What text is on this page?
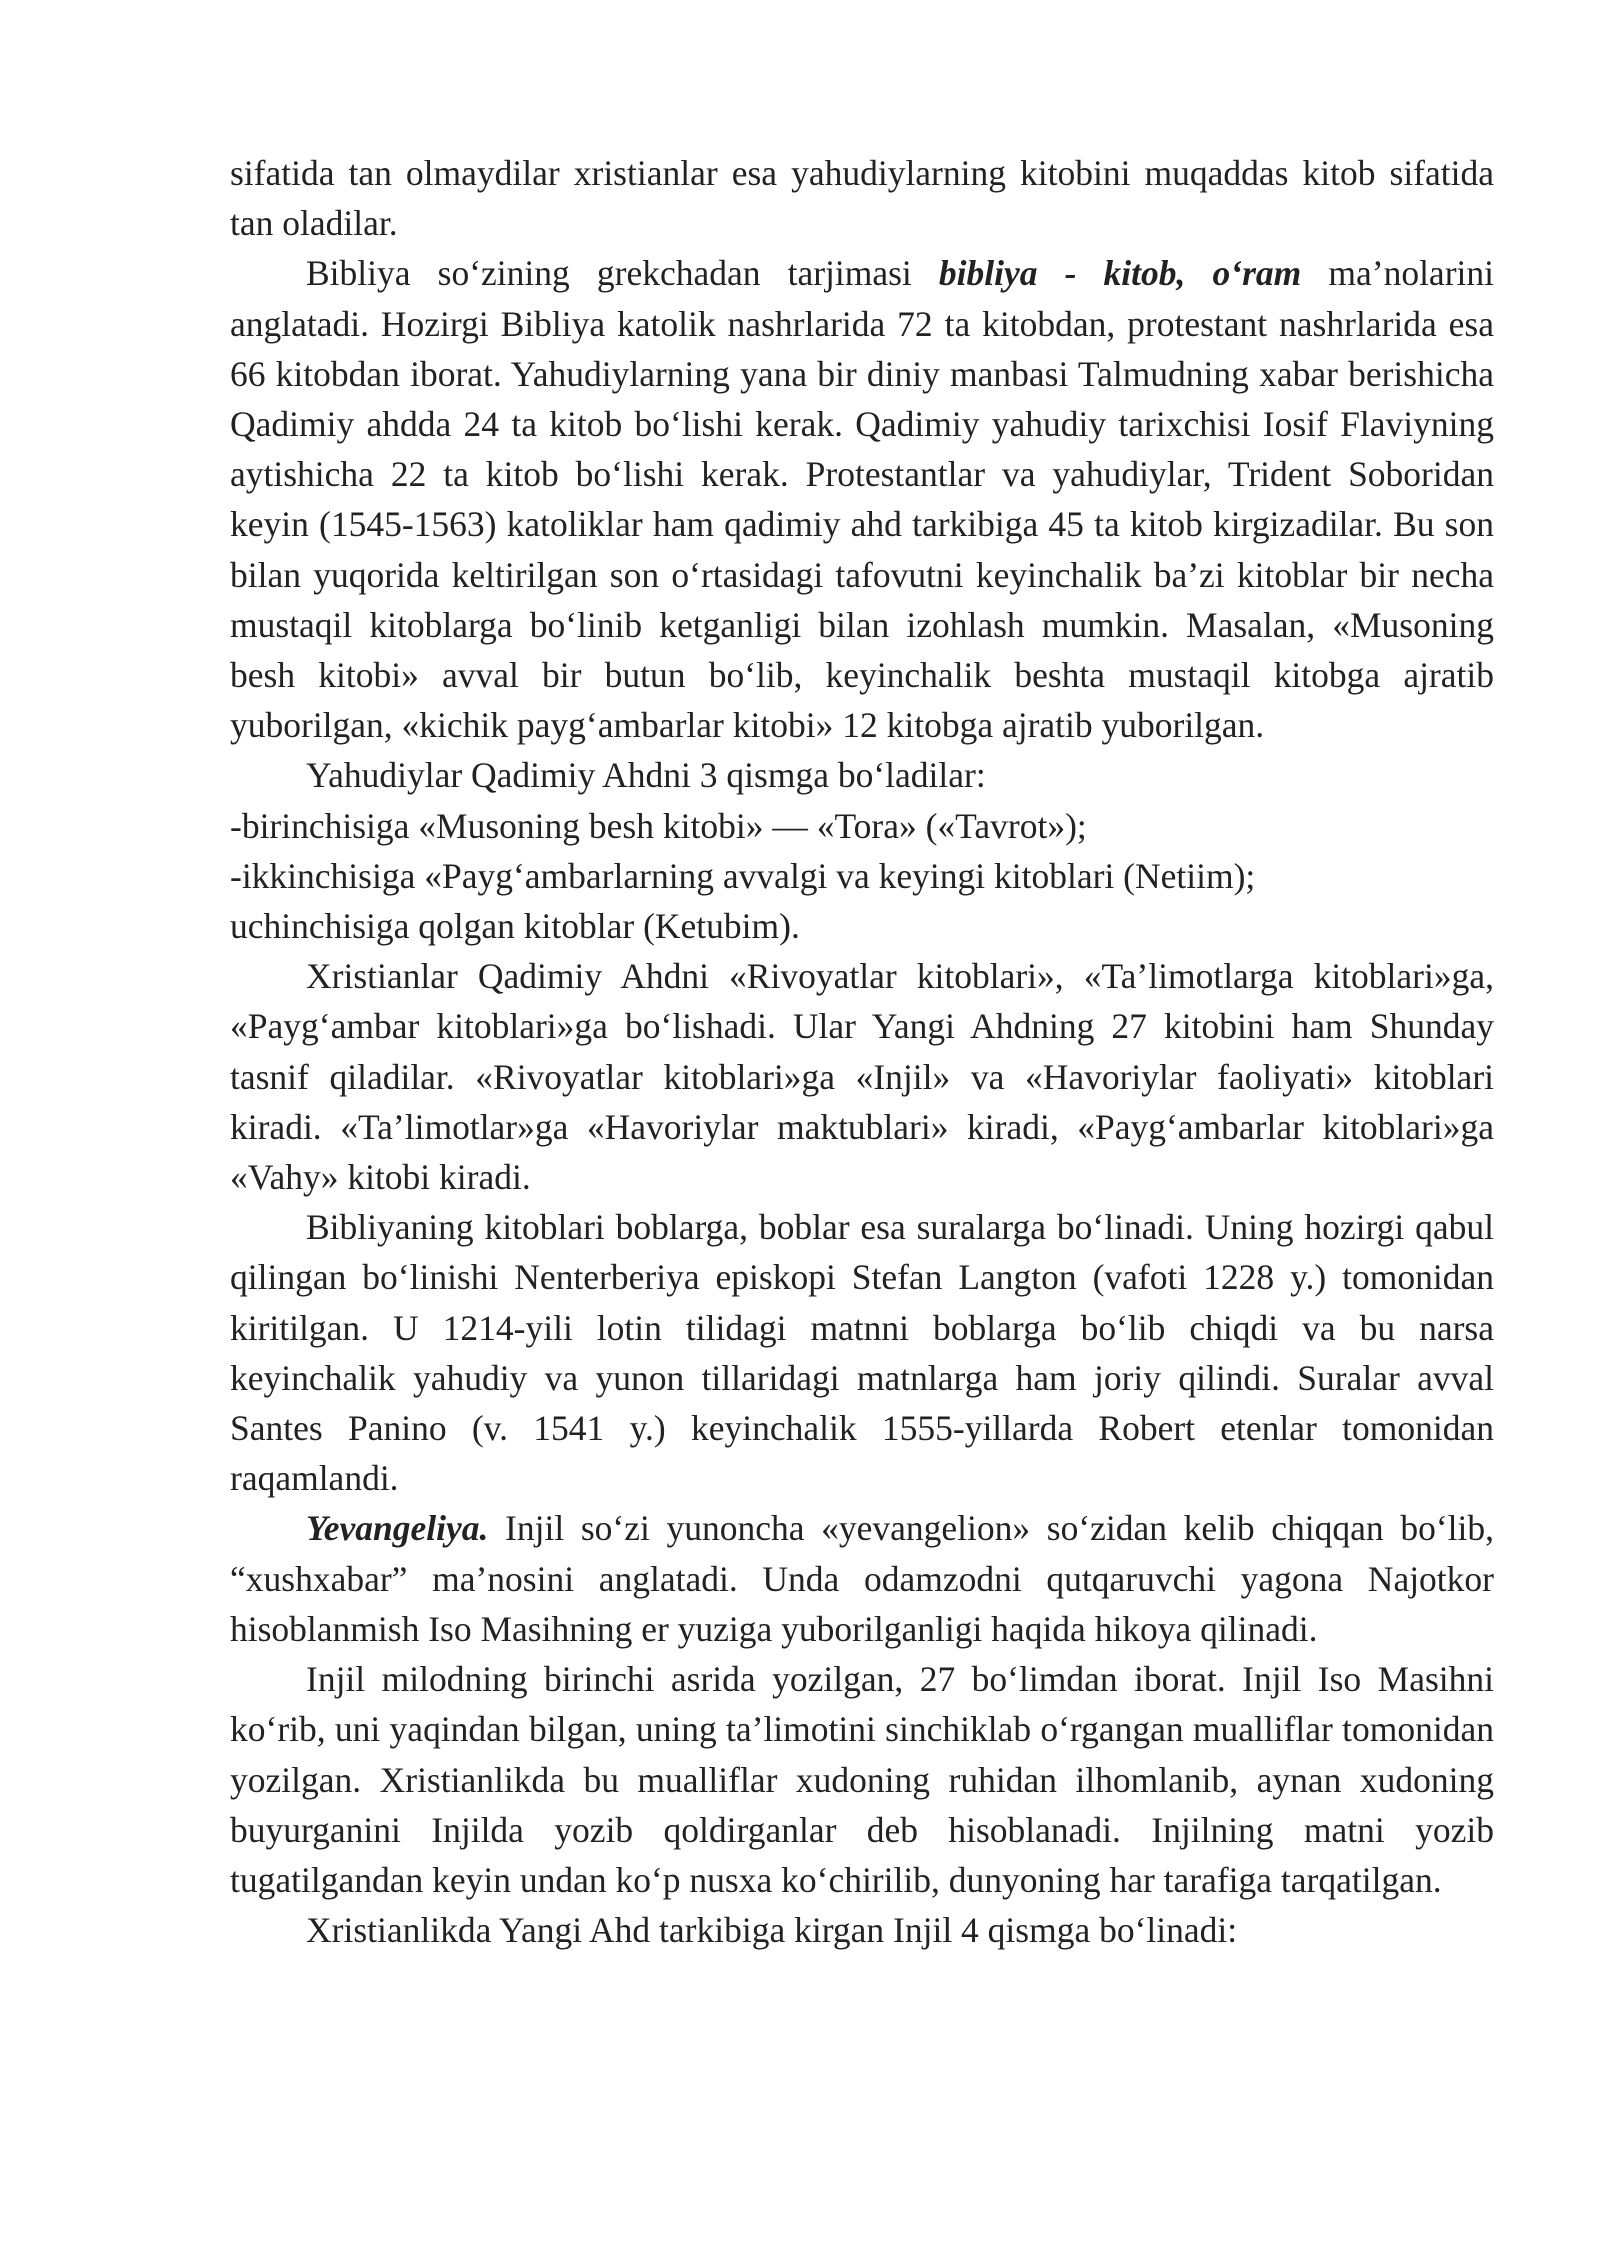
sifatida tan olmaydilar xristianlar esa yahudiylarning kitobini muqaddas kitob sifatida tan oladilar.

Bibliya so‘zining grekchadan tarjimasi bibliya - kitob, o‘ram ma’nolarini anglatadi. Hozirgi Bibliya katolik nashrlarida 72 ta kitobdan, protestant nashrlarida esa 66 kitobdan iborat. Yahudiylarning yana bir diniy manbasi Talmudning xabar berishicha Qadimiy ahdda 24 ta kitob bo‘lishi kerak. Qadimiy yahudiy tarixchisi Iosif Flaviyning aytishicha 22 ta kitob bo‘lishi kerak. Protestantlar va yahudiylar, Trident Soboridan keyin (1545-1563) katoliklar ham qadimiy ahd tarkibiga 45 ta kitob kirgizadilar. Bu son bilan yuqorida keltirilgan son o‘rtasidagi tafovutni keyinchalik ba’zi kitoblar bir necha mustaqil kitoblarga bo‘linib ketganligi bilan izohlash mumkin. Masalan, «Musoning besh kitobi» avval bir butun bo‘lib, keyinchalik beshta mustaqil kitobga ajratib yuborilgan, «kichik payg‘ambarlar kitobi» 12 kitobga ajratib yuborilgan.

Yahudiylar Qadimiy Ahdni 3 qismga bo‘ladilar:

-birinchisiga «Musoning besh kitobi» — «Tora» («Tavrot»);

-ikkinchisiga «Payg‘ambarlarning avvalgi va keyingi kitoblari (Netiim);

uchinchisiga qolgan kitoblar (Ketubim).

Xristianlar Qadimiy Ahdni «Rivoyatlar kitoblari», «Ta’limotlarga kitoblari»ga, «Payg‘ambar kitoblari»ga bo‘lishadi. Ular Yangi Ahdning 27 kitobini ham Shunday tasnif qiladilar. «Rivoyatlar kitoblari»ga «Injil» va «Havoriylar faoliyati» kitoblari kiradi. «Ta’limotlar»ga «Havoriylar maktublari» kiradi, «Payg‘ambarlar kitoblari»ga «Vahy» kitobi kiradi.

Bibliyaning kitoblari boblarga, boblar esa suralarga bo‘linadi. Uning hozirgi qabul qilingan bo‘linishi Nenterberiya episkopi Stefan Langton (vafoti 1228 y.) tomonidan kiritilgan. U 1214-yili lotin tilidagi matnni boblarga bo‘lib chiqdi va bu narsa keyinchalik yahudiy va yunon tillaridagi matnlarga ham joriy qilindi. Suralar avval Santes Panino (v. 1541 y.) keyinchalik 1555-yillarda Robert etenlar tomonidan raqamlandi.

Yevangeliya. Injil so‘zi yunoncha «yevangelion» so‘zidan kelib chiqqan bo‘lib, “xushxabar” ma’nosini anglatadi. Unda odamzodni qutqaruvchi yagona Najotkor hisoblanmish Iso Masihning er yuziga yuborilganligi haqida hikoya qilinadi.

Injil milodning birinchi asrida yozilgan, 27 bo‘limdan iborat. Injil Iso Masihni ko‘rib, uni yaqindan bilgan, uning ta’limotini sinchiklab o‘rgangan mualliflar tomonidan yozilgan. Xristianlikda bu mualliflar xudoning ruhidan ilhomlanib, aynan xudoning buyurganini Injilda yozib qoldirganlar deb hisoblanadi. Injilning matni yozib tugatilgandan keyin undan ko‘p nusxa ko‘chirilib, dunyoning har tarafiga tarqatilgan.

Xristianlikda Yangi Ahd tarkibiga kirgan Injil 4 qismga bo‘linadi:
